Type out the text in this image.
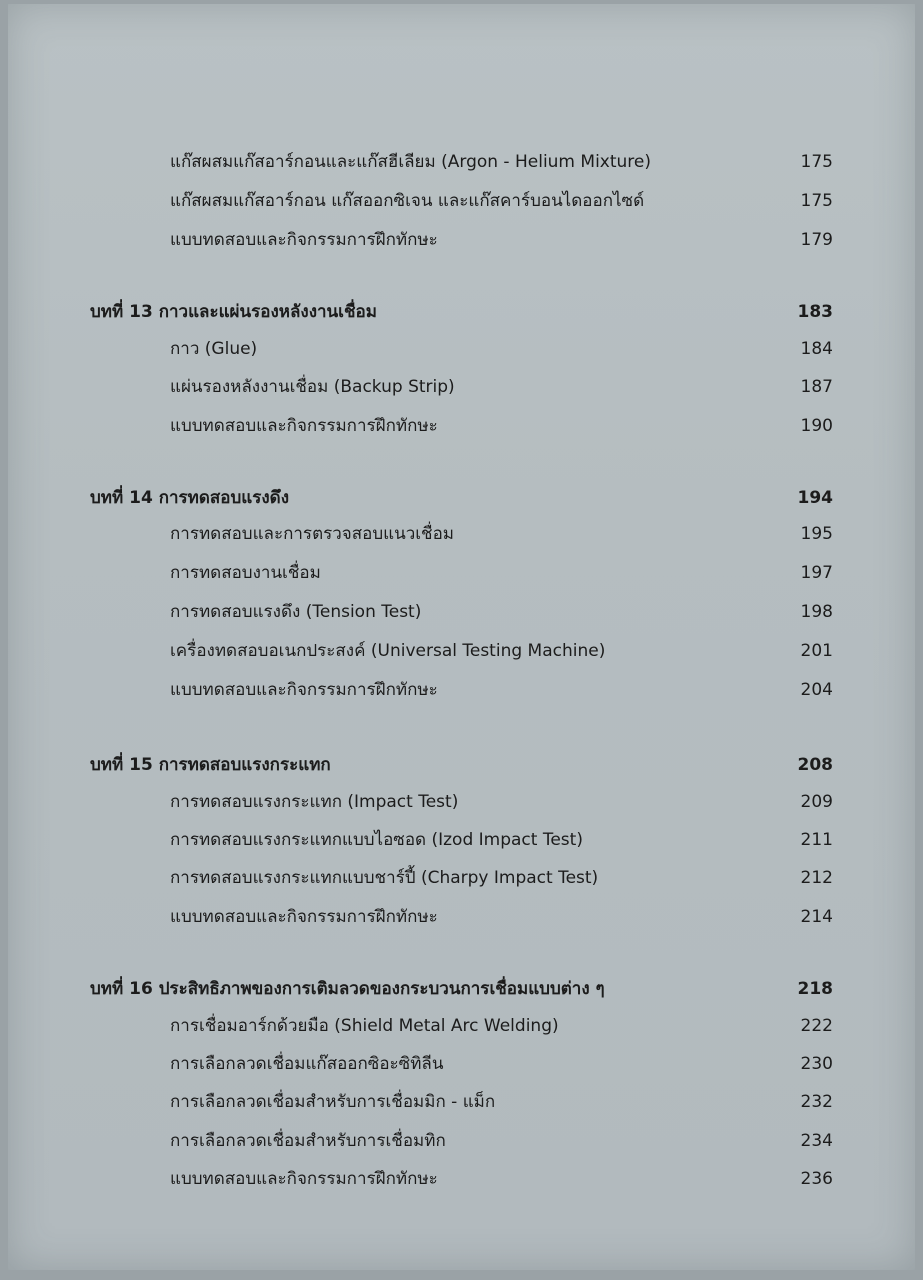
แก๊สผสมแก๊สอาร์กอนและแก๊สฮีเลียม (Argon - Helium Mixture)	175
แก๊สผสมแก๊สอาร์กอน แก๊สออกซิเจน และแก๊สคาร์บอนไดออกไซด์	175
แบบทดสอบและกิจกรรมการฝึกทักษะ	179
บทที่ 13 กาวและแผ่นรองหลังงานเชื่อม	183
กาว (Glue)	184
แผ่นรองหลังงานเชื่อม (Backup Strip)	187
แบบทดสอบและกิจกรรมการฝึกทักษะ	190
บทที่ 14 การทดสอบแรงดึง	194
การทดสอบและการตรวจสอบแนวเชื่อม	195
การทดสอบงานเชื่อม	197
การทดสอบแรงดึง (Tension Test)	198
เครื่องทดสอบอเนกประสงค์ (Universal Testing Machine)	201
แบบทดสอบและกิจกรรมการฝึกทักษะ	204
บทที่ 15 การทดสอบแรงกระแทก	208
การทดสอบแรงกระแทก (Impact Test)	209
การทดสอบแรงกระแทกแบบไอซอด (Izod Impact Test)	211
การทดสอบแรงกระแทกแบบชาร์ปี้ (Charpy Impact Test)	212
แบบทดสอบและกิจกรรมการฝึกทักษะ	214
บทที่ 16 ประสิทธิภาพของการเติมลวดของกระบวนการเชื่อมแบบต่าง ๆ	218
การเชื่อมอาร์กด้วยมือ (Shield Metal Arc Welding)	222
การเลือกลวดเชื่อมแก๊สออกซิอะซิทิลีน	230
การเลือกลวดเชื่อมสำหรับการเชื่อมมิก - แม็ก	232
การเลือกลวดเชื่อมสำหรับการเชื่อมทิก	234
แบบทดสอบและกิจกรรมการฝึกทักษะ	236
